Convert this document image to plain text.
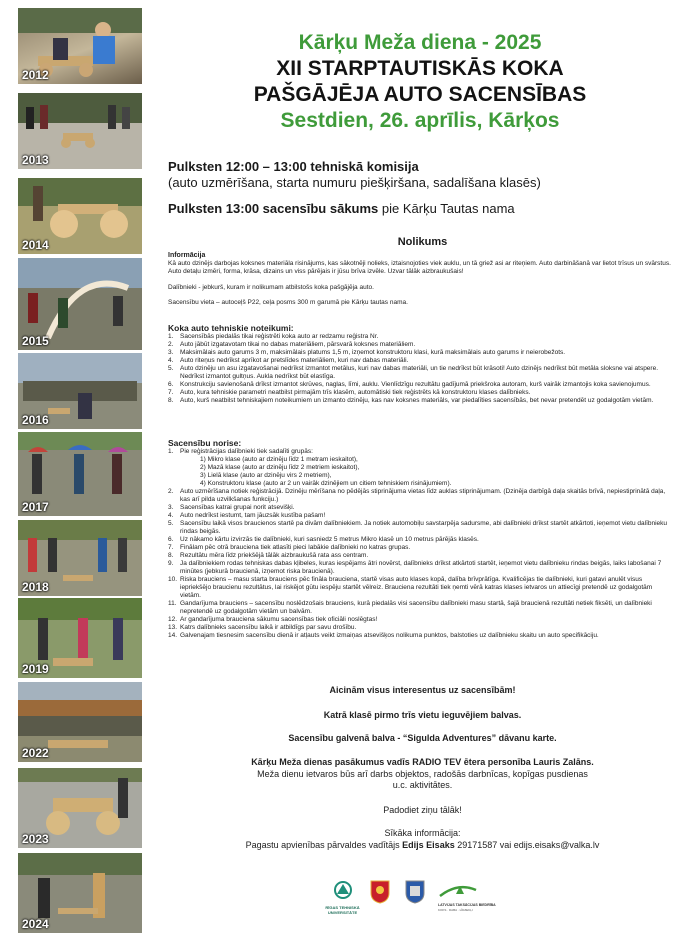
2012
2013
2014
2015
2016
2017
2018
2019
2022
2023
2024
Kārķu Meža diena - 2025
XII STARPTAUTISKĀS KOKA
PAŠGĀJĒJA AUTO SACENSĪBAS
Sestdien, 26. aprīlis, Kārķos
Pulksten 12:00 – 13:00 tehniskā komisija
(auto uzmērīšana, starta numuru piešķiršana, sadalīšana klasēs)
Pulksten 13:00 sacensību sākums pie Kārķu Tautas nama
Nolikums
Informācija
Kā auto dzinējs darbojas koksnes materiāla risinājums, kas sākotnēji nolieks, iztaisnojoties viek auklu, un tā griež asi ar riteņiem. Auto darbināšanā var lietot trīsus un svārstus. Auto detaļu izmēri, forma, krāsa, dizains un viss pārējais ir jūsu brīva izvēle. Uzvar tālāk aizbraukušais!
Dalībnieki - jebkurš, kuram ir nolikumam atbilstošs koka pašgājēja auto.
Sacensību vieta – autoceļš P22, ceļa posms 300 m garumā pie Kārķu tautas nama.
Koka auto tehniskie noteikumi:
1. Sacensībās piedalās tikai reģistrēti koka auto ar redzamu reģistra Nr.
2. Auto jābūt izgatavotam tikai no dabas materiāliem, pārsvarā koksnes materiāliem.
3. Maksimālais auto garums 3 m, maksimālais platums 1,5 m, izņemot konstruktoru klasi, kurā maksimālais auto garums ir neierobežots.
4. Auto riteņus nedrīkst aprīkot ar pretslīdes materiāliem, kuri nav dabas materiāli.
5. Auto dzinēju un asu izgatavošanai nedrīkst izmantot metālus, kuri nav dabas materiāli, un tie nedrīkst būt krāsoti! Auto dzinējs nedrīkst būt metāla sloksne vai atspere. Nedrīkst izmantot gultņus. Aukla nedrīkst būt elastīga.
6. Konstrukciju savienošanā drīkst izmantot skrūves, naglas, līmi, auklu. Vienlīdzīgu rezultātu gadījumā priekšroka autoram, kurš vairāk izmantojis koka savienojumus.
7. Auto, kura tehniskie parametri neatbilst pirmajām trīs klasēm, automātiski tiek reģistrēts kā konstruktoru klases dalībnieks.
8. Auto, kurš neatbilst tehniskajiem noteikumiem un izmanto dzinēju, kas nav koksnes materiāls, var piedalīties sacensībās, bet nevar pretendēt uz godalgotām vietām.
Sacensību norise:
1. Pie reģistrācijas dalībnieki tiek sadalīti grupās:
1) Mikro klase (auto ar dzinēju līdz 1 metram ieskaitot),
2) Mazā klase (auto ar dzinēju līdz 2 metriem ieskaitot),
3) Lielā klase (auto ar dzinēju virs 2 metriem),
4) Konstruktoru klase (auto ar 2 un vairāk dzinējiem un citiem tehniskiem risinājumiem).
2. Auto uzmērīšana notiek reģistrācijā. Dzinēju mērīšana no pēdējās stiprinājuma vietas līdz auklas stiprinājumam. (Dzinēja darbīgā daļa skaitās brīvā, nepiestiprinātā daļa, kas arī pilda uzvilkšanas funkciju.)
3. Sacensības katrai grupai norit atsevišķi.
4. Auto nedrīkst iestumt, tam jāuzsāk kustība pašam!
5. Sacensību laikā visos braucienos startē pa divām dalībniekiem. Ja notiek automobiļu savstarpēja sadursme, abi dalībnieki drīkst startēt atkārtoti, ieņemot vietu dalībnieku rindas beigās.
6. Uz nākamo kārtu izvirzās tie dalībnieki, kuri sasniedz 5 metrus Mikro klasē un 10 metrus pārējās klasēs.
7. Finālam pēc otrā brauciena tiek atlasīti pieci labākie dalībnieki no katras grupas.
8. Rezultātu mēra līdz priekšējā tālāk aizbraukušā rata ass centram.
9. Ja dalībniekiem rodas tehniskas dabas kļibeles, kuras iespējams ātri novērst, dalībnieks drīkst atkārtoti startēt, ieņemot vietu dalībnieku rindas beigās, laiks labošanai 7 minūtes (jebkurā braucienā, izņemot riska braucienā).
10. Riska brauciens – masu starta brauciens pēc fināla brauciena, startē visas auto klases kopā, dalība brīvprātīga. Kvalificējas tie dalībnieki, kuri gatavi anulēt visus iepriekšējo braucienu rezultātus, lai riskējot gūtu iespēju startēt vēlreiz. Brauciena rezultāti tiek ņemti vērā katras klases ietvaros un attiecīgi pretendē uz godalgotām vietām.
11. Gandarījuma brauciens – sacensību noslēdzošais brauciens, kurā piedalās visi sacensību dalībnieki masu startā, šajā braucienā rezultāti netiek fiksēti, un dalībnieki nepretendē uz godalgotām vietām un balvām.
12. Ar gandarījuma brauciena sākumu sacensības tiek oficiāli noslēgtas!
13. Katrs dalībnieks sacensību laikā ir atbildīgs par savu drošību.
14. Galvenajam tiesnesim sacensību dienā ir atļauts veikt izmaiņas atsevišķos nolikuma punktos, balstoties uz dalībnieku skaitu un auto specifikāciju.
Aicinām visus interesentus uz sacensībām!
Katrā klasē pirmo trīs vietu ieguvējiem balvas.
Sacensību galvenā balva - “Sigulda Adventures” dāvanu karte.
Kārķu Meža dienas pasākumus vadīs RADIO TEV ētera personība Lauris Zalāns.
Meža dienu ietvaros būs arī darbs objektos, radošās darbnīcas, kopīgas pusdienas u.c. aktivitātes.
Padodiet ziņu tālāk!
Sīkāka informācija:
Pagastu apvienības pārvaldes vadītājs Edijs Eisaks 29171587 vai edijs.eisaks@valka.lv
RĪGAS TEHNISKĀ
UNIVERSITĀTE
LATVIJAS TAKSĀCIJAS BIEDRĪBA
KOKS · DABA · LĪDZEKĻI
